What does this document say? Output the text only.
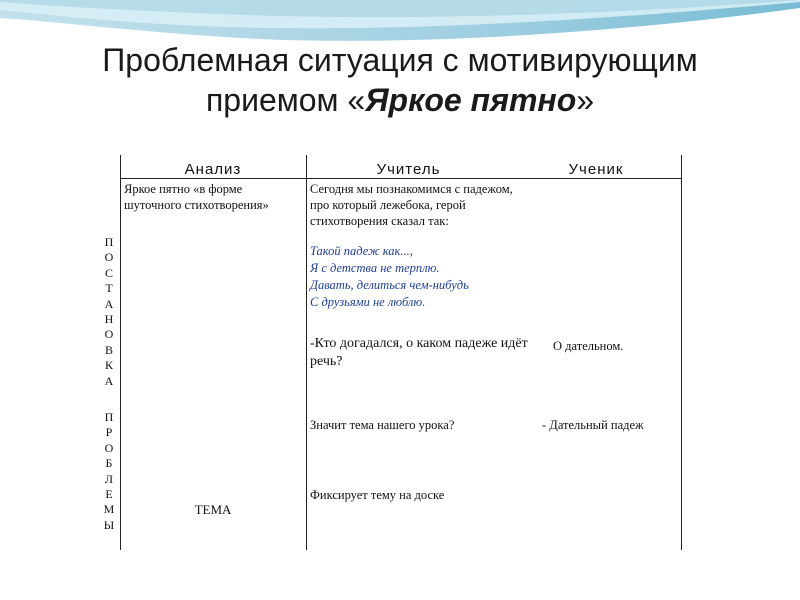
Проблемная ситуация с мотивирующим
приемом «Яркое пятно»
Анализ	Учитель	Ученик
П
О
С
Т
А
Н
О
В
К
А
П
Р
О
Б
Л
Е
М
Ы
Яркое пятно «в форме шуточного стихотворения»
ТЕМА
Сегодня мы познакомимся с падежом, про который лежебока, герой стихотворения сказал так:
Такой падеж как...,
Я с детства не терплю.
Давать, делиться чем-нибудь
С друзьями не люблю.
-Кто догадался, о каком падеже идёт речь?
Значит тема нашего урока?
Фиксирует тему на доске
О дательном.
- Дательный падеж
